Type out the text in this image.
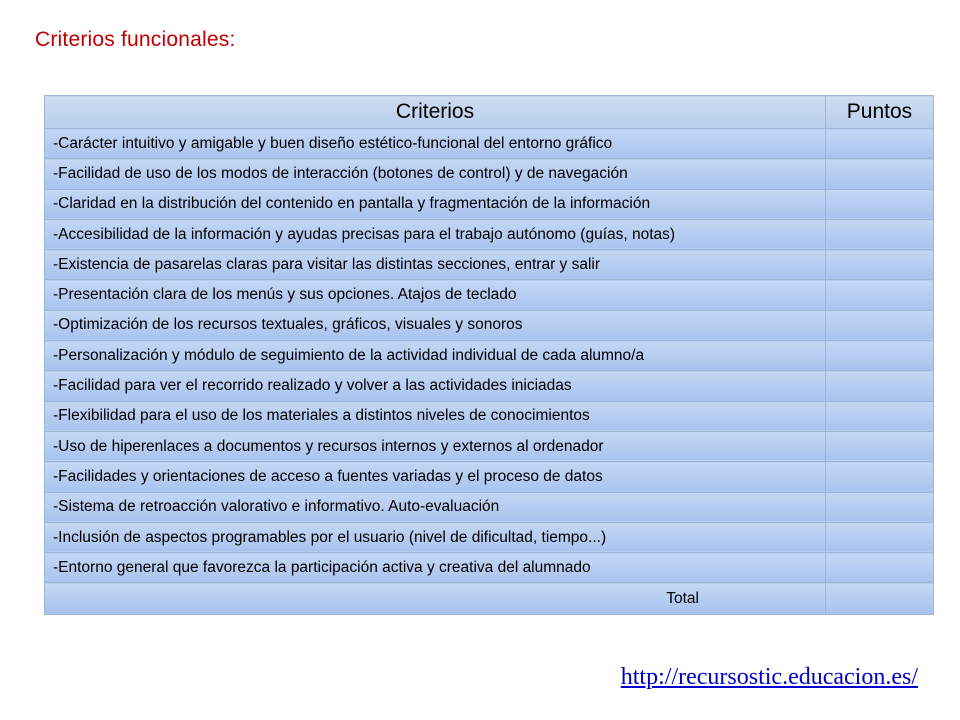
Criterios funcionales:
Criterios	Puntos
-Carácter intuitivo y amigable y buen diseño estético-funcional del entorno gráfico	
-Facilidad de uso de los modos de interacción (botones de control) y de navegación	
-Claridad en la distribución del contenido en pantalla y fragmentación de la información	
-Accesibilidad de la información y ayudas precisas para el trabajo autónomo (guías, notas)	
-Existencia de pasarelas claras para visitar las distintas secciones, entrar y salir	
-Presentación clara de los menús y sus opciones. Atajos de teclado	
-Optimización de los recursos textuales, gráficos, visuales y sonoros	
-Personalización y módulo de seguimiento de la actividad individual de cada alumno/a	
-Facilidad para ver el recorrido realizado y volver a las actividades iniciadas	
-Flexibilidad para el uso de los materiales a distintos niveles de conocimientos	
-Uso de hiperenlaces a documentos y recursos internos y externos al ordenador	
-Facilidades y orientaciones de acceso a fuentes variadas y el proceso de datos	
-Sistema de retroacción valorativo e informativo. Auto-evaluación	
-Inclusión de aspectos programables por el usuario (nivel de dificultad, tiempo...)	
-Entorno general que favorezca la participación activa y creativa del alumnado	
Total	
http://recursostic.educacion.es/
